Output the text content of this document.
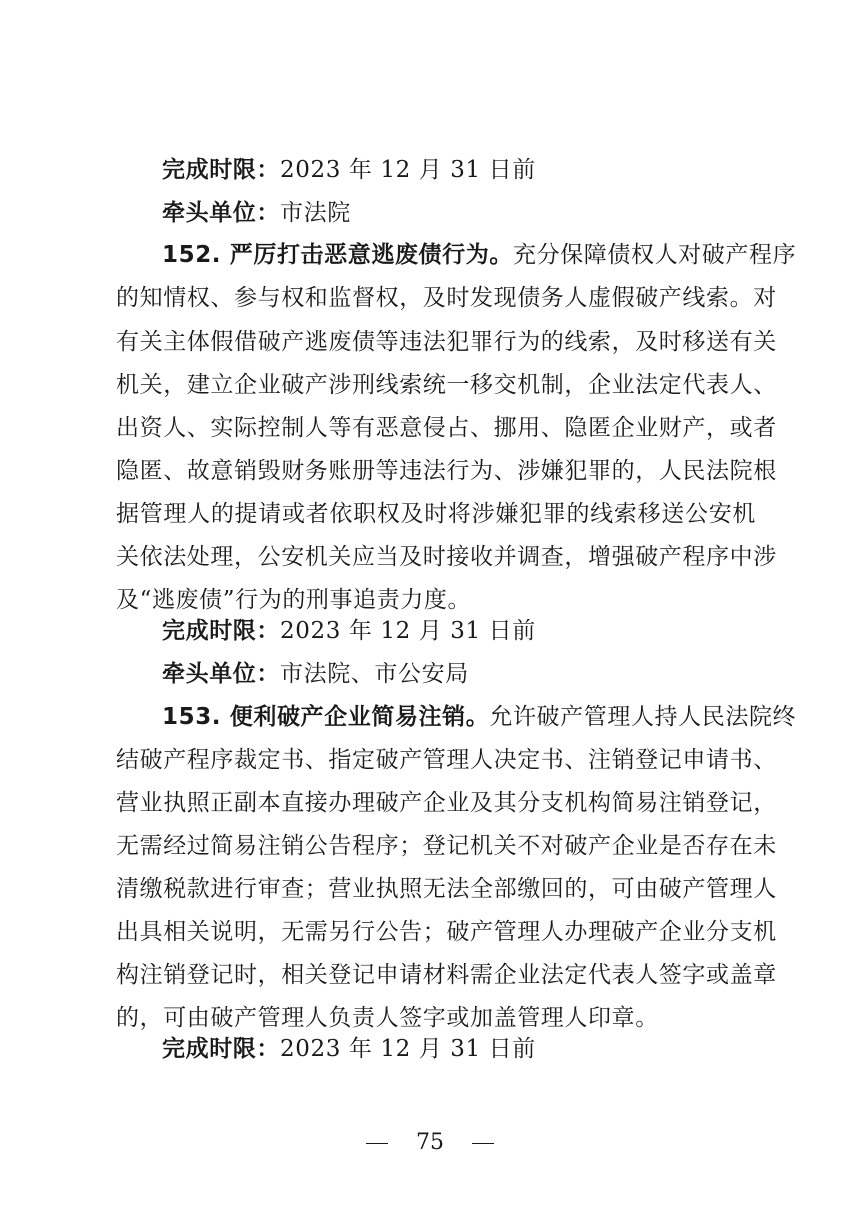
完成时限：2023 年 12 月 31 日前
牵头单位：市法院
152. 严厉打击恶意逃废债行为。充分保障债权人对破产程序
的知情权、参与权和监督权，及时发现债务人虚假破产线索。对
有关主体假借破产逃废债等违法犯罪行为的线索，及时移送有关
机关，建立企业破产涉刑线索统一移交机制，企业法定代表人、
出资人、实际控制人等有恶意侵占、挪用、隐匿企业财产，或者
隐匿、故意销毁财务账册等违法行为、涉嫌犯罪的，人民法院根
据管理人的提请或者依职权及时将涉嫌犯罪的线索移送公安机
关依法处理，公安机关应当及时接收并调查，增强破产程序中涉
及“逃废债”行为的刑事追责力度。
完成时限：2023 年 12 月 31 日前
牵头单位：市法院、市公安局
153. 便利破产企业简易注销。允许破产管理人持人民法院终
结破产程序裁定书、指定破产管理人决定书、注销登记申请书、
营业执照正副本直接办理破产企业及其分支机构简易注销登记，
无需经过简易注销公告程序；登记机关不对破产企业是否存在未
清缴税款进行审查；营业执照无法全部缴回的，可由破产管理人
出具相关说明，无需另行公告；破产管理人办理破产企业分支机
构注销登记时，相关登记申请材料需企业法定代表人签字或盖章
的，可由破产管理人负责人签字或加盖管理人印章。
完成时限：2023 年 12 月 31 日前
75
